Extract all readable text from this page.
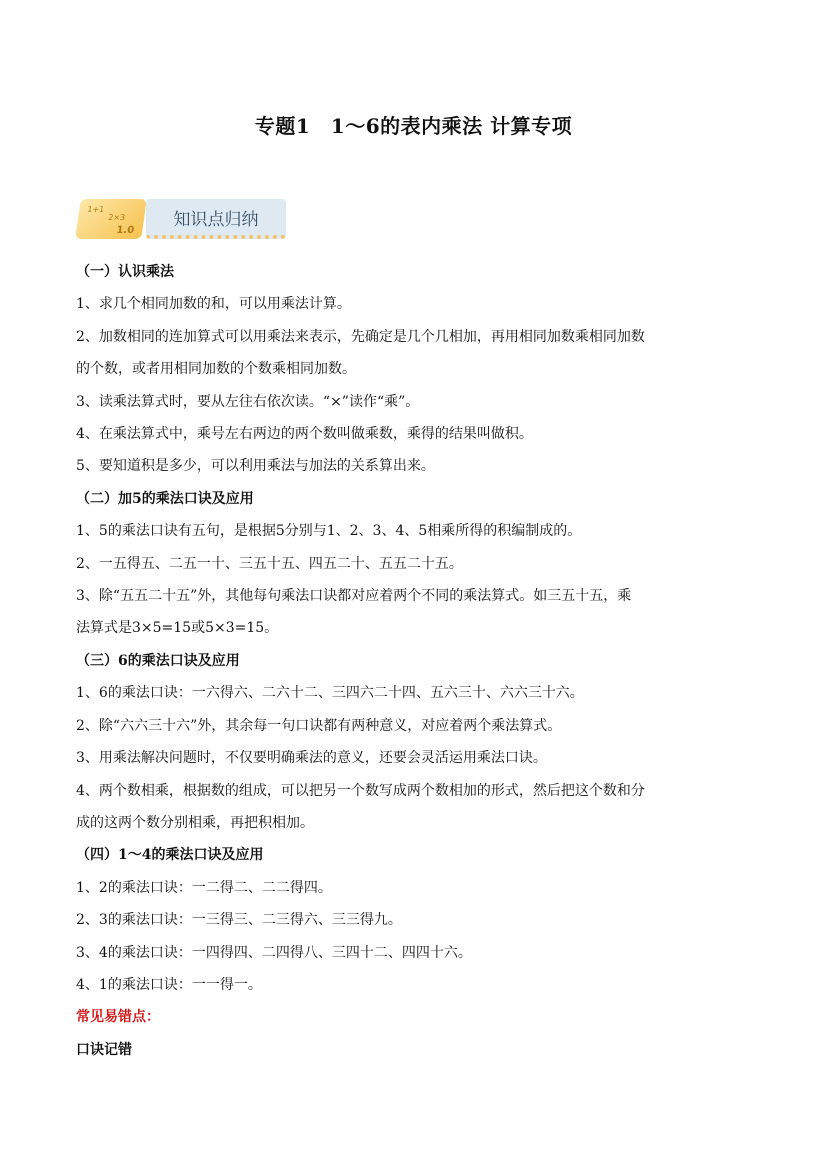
专题1　1～6的表内乘法 计算专项
1+1
2×3
1.0
知识点归纳

（一）认识乘法

1、求几个相同加数的和，可以用乘法计算。

2、加数相同的连加算式可以用乘法来表示，先确定是几个几相加，再用相同加数乘相同加数

的个数，或者用相同加数的个数乘相同加数。

3、读乘法算式时，要从左往右依次读。“×”读作“乘”。

4、在乘法算式中，乘号左右两边的两个数叫做乘数，乘得的结果叫做积。

5、要知道积是多少，可以利用乘法与加法的关系算出来。

（二）加5的乘法口诀及应用

1、5的乘法口诀有五句，是根据5分别与1、2、3、4、5相乘所得的积编制成的。

2、一五得五、二五一十、三五十五、四五二十、五五二十五。

3、除“五五二十五”外，其他每句乘法口诀都对应着两个不同的乘法算式。如三五十五，乘

法算式是3×5=15或5×3=15。

（三）6的乘法口诀及应用

1、6的乘法口诀：一六得六、二六十二、三四六二十四、五六三十、六六三十六。

2、除“六六三十六”外，其余每一句口诀都有两种意义，对应着两个乘法算式。

3、用乘法解决问题时，不仅要明确乘法的意义，还要会灵活运用乘法口诀。

4、两个数相乘，根据数的组成，可以把另一个数写成两个数相加的形式，然后把这个数和分

成的这两个数分别相乘，再把积相加。

（四）1～4的乘法口诀及应用

1、2的乘法口诀：一二得二、二二得四。

2、3的乘法口诀：一三得三、二三得六、三三得九。

3、4的乘法口诀：一四得四、二四得八、三四十二、四四十六。

4、1的乘法口诀：一一得一。

常见易错点：

口诀记错
